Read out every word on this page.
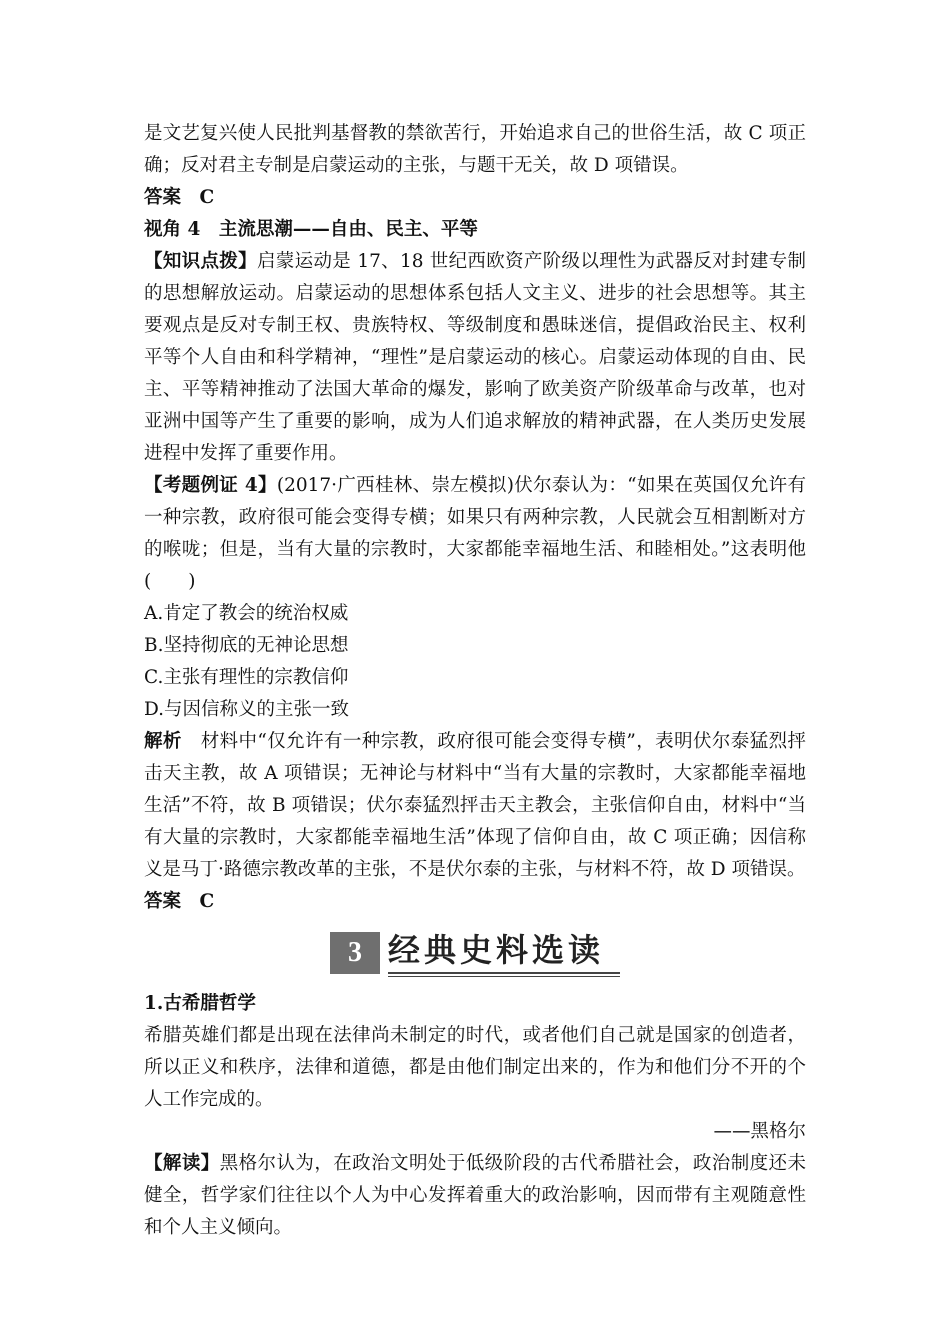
是文艺复兴使人民批判基督教的禁欲苦行，开始追求自己的世俗生活，故 C 项正确；反对君主专制是启蒙运动的主张，与题干无关，故 D 项错误。

答案　C

视角 4　主流思潮——自由、民主、平等

【知识点拨】启蒙运动是 17、18 世纪西欧资产阶级以理性为武器反对封建专制的思想解放运动。启蒙运动的思想体系包括人文主义、进步的社会思想等。其主要观点是反对专制王权、贵族特权、等级制度和愚昧迷信，提倡政治民主、权利平等个人自由和科学精神，“理性”是启蒙运动的核心。启蒙运动体现的自由、民主、平等精神推动了法国大革命的爆发，影响了欧美资产阶级革命与改革，也对亚洲中国等产生了重要的影响，成为人们追求解放的精神武器，在人类历史发展进程中发挥了重要作用。

【考题例证 4】(2017·广西桂林、崇左模拟)伏尔泰认为：“如果在英国仅允许有一种宗教，政府很可能会变得专横；如果只有两种宗教，人民就会互相割断对方的喉咙；但是，当有大量的宗教时，大家都能幸福地生活、和睦相处。”这表明他(　　)

A.肯定了教会的统治权威

B.坚持彻底的无神论思想

C.主张有理性的宗教信仰

D.与因信称义的主张一致

解析　材料中“仅允许有一种宗教，政府很可能会变得专横”，表明伏尔泰猛烈抨击天主教，故 A 项错误；无神论与材料中“当有大量的宗教时，大家都能幸福地生活”不符，故 B 项错误；伏尔泰猛烈抨击天主教会，主张信仰自由，材料中“当有大量的宗教时，大家都能幸福地生活”体现了信仰自由，故 C 项正确；因信称义是马丁·路德宗教改革的主张，不是伏尔泰的主张，与材料不符，故 D 项错误。

答案　C

3 经典史料选读

1.古希腊哲学

希腊英雄们都是出现在法律尚未制定的时代，或者他们自己就是国家的创造者，所以正义和秩序，法律和道德，都是由他们制定出来的，作为和他们分不开的个人工作完成的。

——黑格尔

【解读】黑格尔认为，在政治文明处于低级阶段的古代希腊社会，政治制度还未健全，哲学家们往往以个人为中心发挥着重大的政治影响，因而带有主观随意性和个人主义倾向。
